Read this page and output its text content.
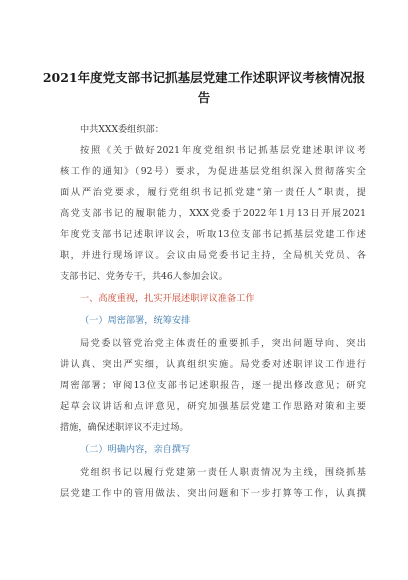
2021年度党支部书记抓基层党建工作述职评议考核情况报
告
中共XXX委组织部：
按照《关于做好2021年度党组织书记抓基层党建述职评议考
核工作的通知》（92号）要求，为促进基层党组织深入贯彻落实全
面从严治党要求，履行党组织书记抓党建“第一责任人”职责，提
高党支部书记的履职能力，XXX党委于2022年1月13日开展2021
年度党支部书记述职评议会，听取13位支部书记抓基层党建工作述
职，并进行现场评议。会议由局党委书记主持，全局机关党员、各
支部书记、党务专干，共46人参加会议。
一、高度重视，扎实开展述职评议准备工作
（一）周密部署，统筹安排
局党委以管党治党主体责任的重要抓手，突出问题导向、突出
讲认真、突出严实细，认真组织实施。局党委对述职评议工作进行
周密部署；审阅13位支部书记述职报告，逐一提出修改意见；研究
起草会议讲话和点评意见，研究加强基层党建工作思路对策和主要
措施，确保述职评议不走过场。
（二）明确内容，亲自撰写
党组织书记以履行党建第一责任人职责情况为主线，围绕抓基
层党建工作中的管用做法、突出问题和下一步打算等工作，认真撰
